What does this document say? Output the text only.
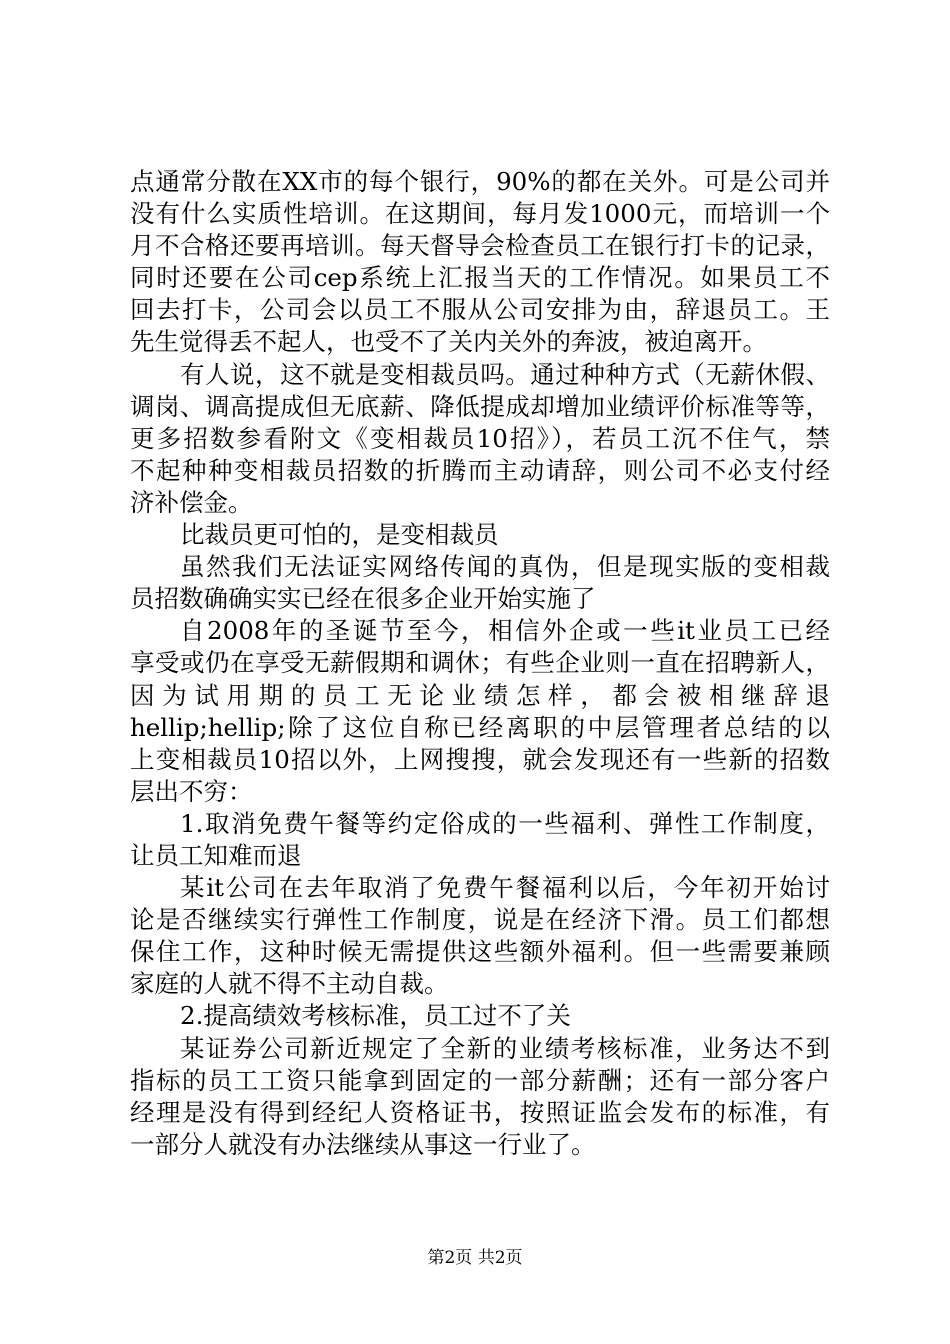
点通常分散在XX市的每个银行，90%的都在关外。可是公司并
没有什么实质性培训。在这期间，每月发1000元，而培训一个
月不合格还要再培训。每天督导会检查员工在银行打卡的记录，
同时还要在公司cep系统上汇报当天的工作情况。如果员工不
回去打卡，公司会以员工不服从公司安排为由，辞退员工。王
先生觉得丢不起人，也受不了关内关外的奔波，被迫离开。
有人说，这不就是变相裁员吗。通过种种方式（无薪休假、
调岗、调高提成但无底薪、降低提成却增加业绩评价标准等等，
更多招数参看附文《变相裁员10招》），若员工沉不住气，禁
不起种种变相裁员招数的折腾而主动请辞，则公司不必支付经
济补偿金。
比裁员更可怕的，是变相裁员
虽然我们无法证实网络传闻的真伪，但是现实版的变相裁
员招数确确实实已经在很多企业开始实施了
自2008年的圣诞节至今，相信外企或一些it业员工已经
享受或仍在享受无薪假期和调休；有些企业则一直在招聘新人，
因为试用期的员工无论业绩怎样，都会被相继辞退
hellip;hellip;除了这位自称已经离职的中层管理者总结的以
上变相裁员10招以外，上网搜搜，就会发现还有一些新的招数
层出不穷：
1.取消免费午餐等约定俗成的一些福利、弹性工作制度，
让员工知难而退
某it公司在去年取消了免费午餐福利以后，今年初开始讨
论是否继续实行弹性工作制度，说是在经济下滑。员工们都想
保住工作，这种时候无需提供这些额外福利。但一些需要兼顾
家庭的人就不得不主动自裁。
2.提高绩效考核标准，员工过不了关
某证券公司新近规定了全新的业绩考核标准，业务达不到
指标的员工工资只能拿到固定的一部分薪酬；还有一部分客户
经理是没有得到经纪人资格证书，按照证监会发布的标准，有
一部分人就没有办法继续从事这一行业了。
第2页 共2页
